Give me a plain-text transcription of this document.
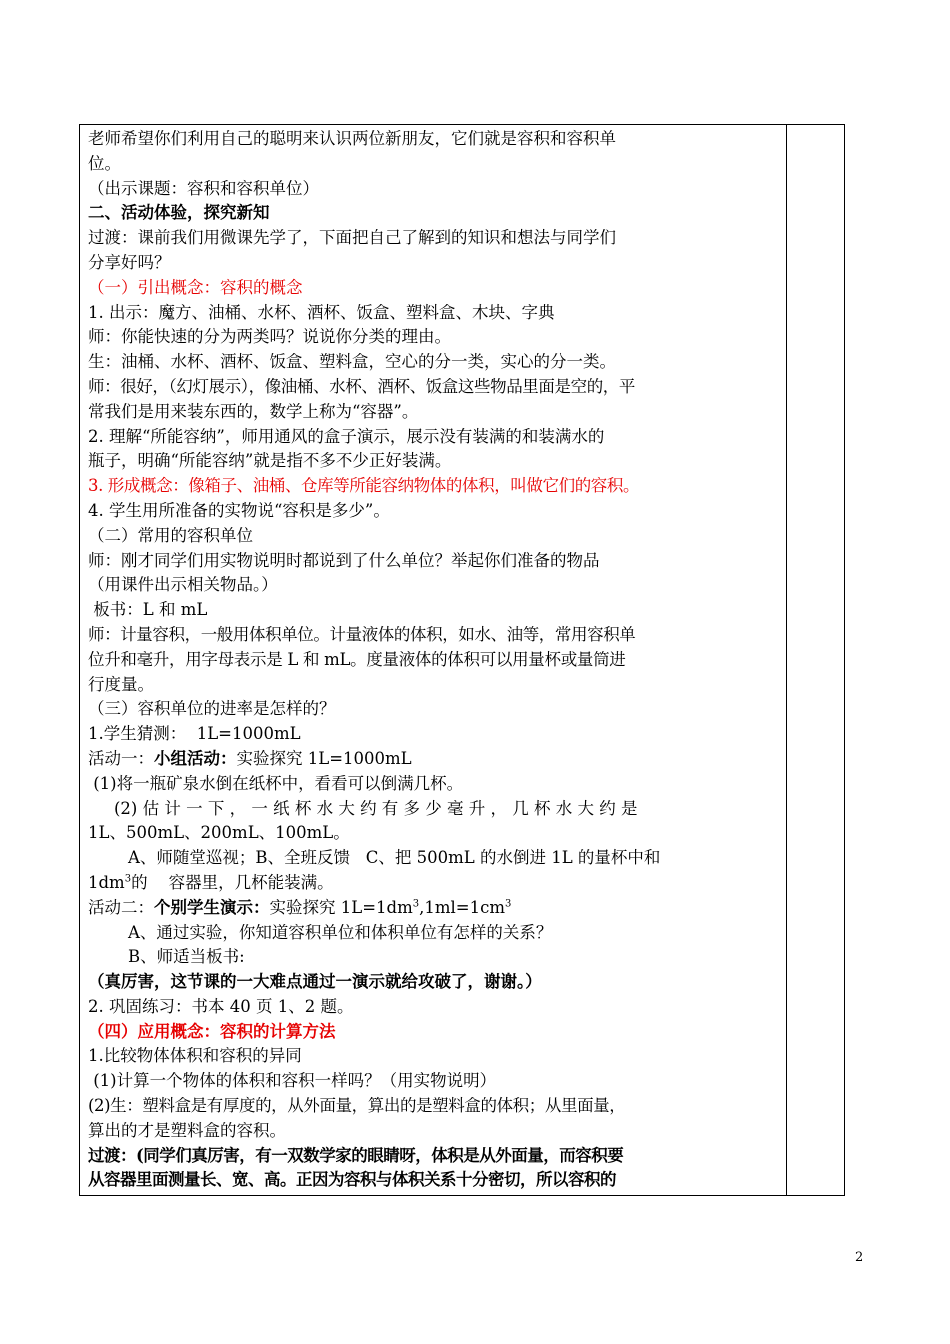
老师希望你们利用自己的聪明来认识两位新朋友，它们就是容积和容积单
位。
（出示课题：容积和容积单位）
二、活动体验，探究新知
过渡：课前我们用微课先学了，下面把自己了解到的知识和想法与同学们
分享好吗？
（一）引出概念：容积的概念
1. 出示：魔方、油桶、水杯、酒杯、饭盒、塑料盒、木块、字典
师：你能快速的分为两类吗？说说你分类的理由。
生：油桶、水杯、酒杯、饭盒、塑料盒，空心的分一类，实心的分一类。
师：很好，（幻灯展示），像油桶、水杯、酒杯、饭盒这些物品里面是空的，平
常我们是用来装东西的，数学上称为“容器”。
2. 理解“所能容纳”，师用通风的盒子演示，展示没有装满的和装满水的
瓶子，明确“所能容纳”就是指不多不少正好装满。
3. 形成概念：像箱子、油桶、仓库等所能容纳物体的体积，叫做它们的容积。
4. 学生用所准备的实物说“容积是多少”。
（二）常用的容积单位
师：刚才同学们用实物说明时都说到了什么单位？举起你们准备的物品
（用课件出示相关物品。）
板书：L 和 mL
师：计量容积，一般用体积单位。计量液体的体积，如水、油等，常用容积单
位升和毫升，用字母表示是 L 和 mL。度量液体的体积可以用量杯或量筒进
行度量。
（三）容积单位的进率是怎样的？
1.学生猜测：  1L=1000mL
活动一：小组活动：实验探究 1L=1000mL
(1)将一瓶矿泉水倒在纸杯中，看看可以倒满几杯。
(2) 估 计 一 下 ， 一 纸 杯 水 大 约 有 多 少 毫 升 ， 几 杯 水 大 约 是
1L、500mL、200mL、100mL。
A、师随堂巡视；B、全班反馈   C、把 500mL 的水倒进 1L 的量杯中和
$1dm^3$的    容器里，几杯能装满。
活动二：个别学生演示：实验探究 $1L=1dm^3,1ml=1cm^3$
A、通过实验，你知道容积单位和体积单位有怎样的关系？
B、师适当板书:
（真厉害，这节课的一大难点通过一演示就给攻破了，谢谢。）
2. 巩固练习：书本 40 页 1、2 题。
（四）应用概念：容积的计算方法
1.比较物体体积和容积的异同
(1)计算一个物体的体积和容积一样吗？（用实物说明）
(2)生：塑料盒是有厚度的，从外面量，算出的是塑料盒的体积；从里面量，
算出的才是塑料盒的容积。
过渡：(同学们真厉害，有一双数学家的眼睛呀，体积是从外面量，而容积要
从容器里面测量长、宽、高。正因为容积与体积关系十分密切，所以容积的
2
